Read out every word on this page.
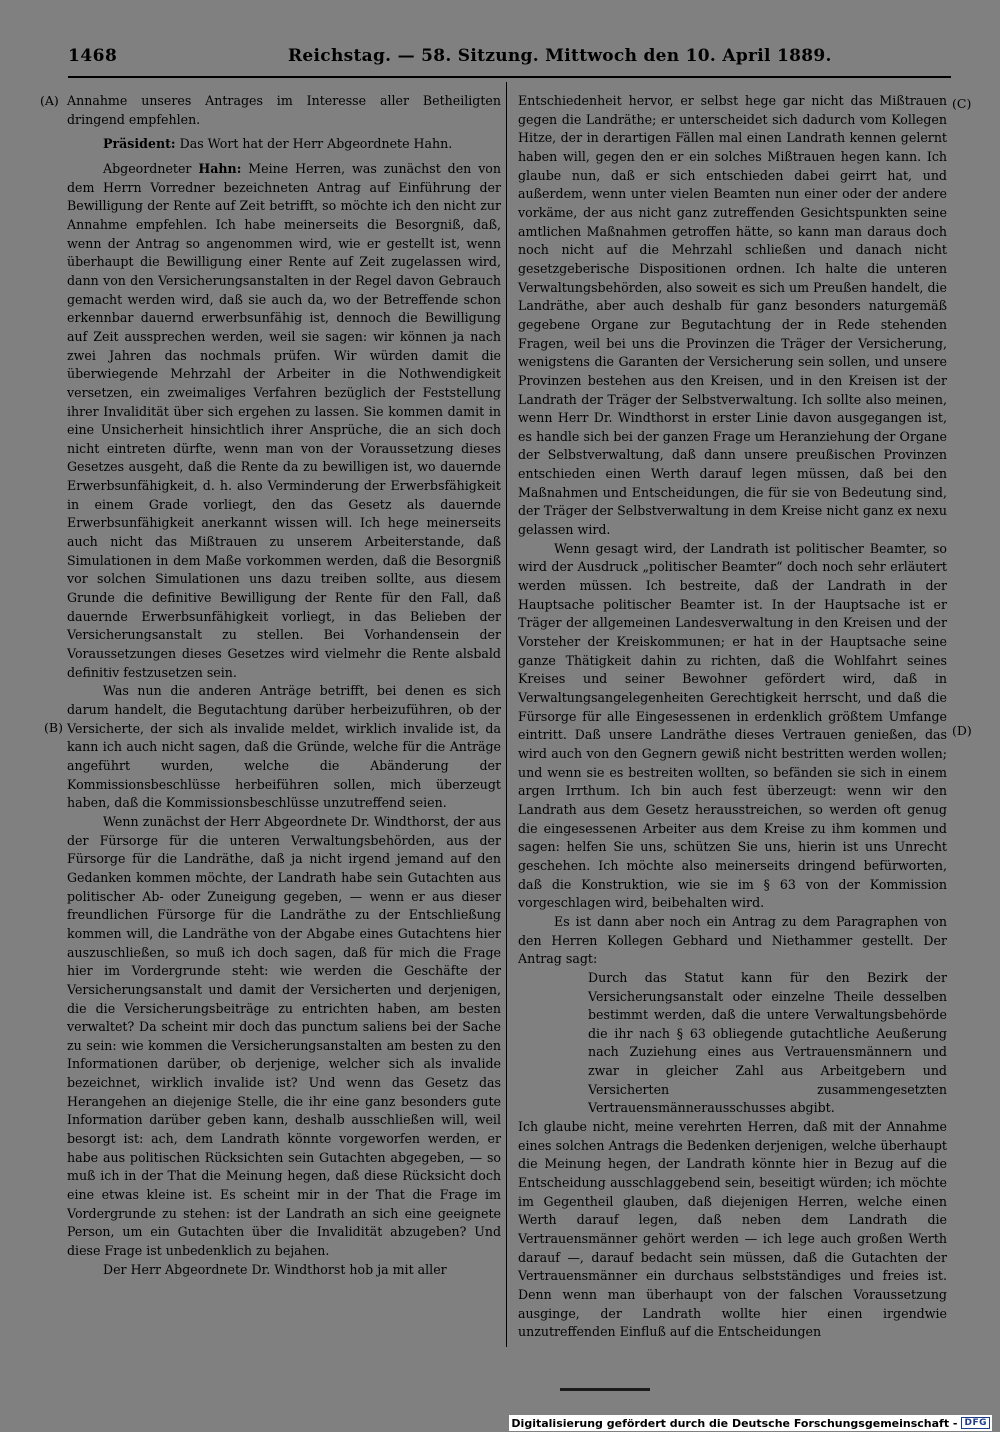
1468	Reichstag. — 58. Sitzung. Mittwoch den 10. April 1889.
(A)
(B)
(C)
(D)

Annahme unseres Antrages im Interesse aller Betheiligten dringend empfehlen.

Präsident: Das Wort hat der Herr Abgeordnete Hahn.

Abgeordneter Hahn: Meine Herren, was zunächst den von dem Herrn Vorredner bezeichneten Antrag auf Einführung der Bewilligung der Rente auf Zeit betrifft, so möchte ich den nicht zur Annahme empfehlen. Ich habe meinerseits die Besorgniß, daß, wenn der Antrag so angenommen wird, wie er gestellt ist, wenn überhaupt die Bewilligung einer Rente auf Zeit zugelassen wird, dann von den Versicherungsanstalten in der Regel davon Gebrauch gemacht werden wird, daß sie auch da, wo der Betreffende schon erkennbar dauernd erwerbsunfähig ist, dennoch die Bewilligung auf Zeit aussprechen werden, weil sie sagen: wir können ja nach zwei Jahren das nochmals prüfen. Wir würden damit die überwiegende Mehrzahl der Arbeiter in die Nothwendigkeit versetzen, ein zweimaliges Verfahren bezüglich der Feststellung ihrer Invalidität über sich ergehen zu lassen. Sie kommen damit in eine Unsicherheit hinsichtlich ihrer Ansprüche, die an sich doch nicht eintreten dürfte, wenn man von der Voraussetzung dieses Gesetzes ausgeht, daß die Rente da zu bewilligen ist, wo dauernde Erwerbsunfähigkeit, d. h. also Verminderung der Erwerbsfähigkeit in einem Grade vorliegt, den das Gesetz als dauernde Erwerbsunfähigkeit anerkannt wissen will. Ich hege meinerseits auch nicht das Mißtrauen zu unserem Arbeiterstande, daß Simulationen in dem Maße vorkommen werden, daß die Besorgniß vor solchen Simulationen uns dazu treiben sollte, aus diesem Grunde die definitive Bewilligung der Rente für den Fall, daß dauernde Erwerbsunfähigkeit vorliegt, in das Belieben der Versicherungsanstalt zu stellen. Bei Vorhandensein der Voraussetzungen dieses Gesetzes wird vielmehr die Rente alsbald definitiv festzusetzen sein.

Was nun die anderen Anträge betrifft, bei denen es sich darum handelt, die Begutachtung darüber herbeizuführen, ob der Versicherte, der sich als invalide meldet, wirklich invalide ist, da kann ich auch nicht sagen, daß die Gründe, welche für die Anträge angeführt wurden, welche die Abänderung der Kommissionsbeschlüsse herbeiführen sollen, mich überzeugt haben, daß die Kommissionsbeschlüsse unzutreffend seien.

Wenn zunächst der Herr Abgeordnete Dr. Windthorst, der aus der Fürsorge für die unteren Verwaltungsbehörden, aus der Fürsorge für die Landräthe, daß ja nicht irgend jemand auf den Gedanken kommen möchte, der Landrath habe sein Gutachten aus politischer Ab- oder Zuneigung gegeben, — wenn er aus dieser freundlichen Fürsorge für die Landräthe zu der Entschließung kommen will, die Landräthe von der Abgabe eines Gutachtens hier auszuschließen, so muß ich doch sagen, daß für mich die Frage hier im Vordergrunde steht: wie werden die Geschäfte der Versicherungsanstalt und damit der Versicherten und derjenigen, die die Versicherungsbeiträge zu entrichten haben, am besten verwaltet? Da scheint mir doch das punctum saliens bei der Sache zu sein: wie kommen die Versicherungsanstalten am besten zu den Informationen darüber, ob derjenige, welcher sich als invalide bezeichnet, wirklich invalide ist? Und wenn das Gesetz das Herangehen an diejenige Stelle, die ihr eine ganz besonders gute Information darüber geben kann, deshalb ausschließen will, weil besorgt ist: ach, dem Landrath könnte vorgeworfen werden, er habe aus politischen Rücksichten sein Gutachten abgegeben, — so muß ich in der That die Meinung hegen, daß diese Rücksicht doch eine etwas kleine ist. Es scheint mir in der That die Frage im Vordergrunde zu stehen: ist der Landrath an sich eine geeignete Person, um ein Gutachten über die Invalidität abzugeben? Und diese Frage ist unbedenklich zu bejahen.

Der Herr Abgeordnete Dr. Windthorst hob ja mit aller

Entschiedenheit hervor, er selbst hege gar nicht das Mißtrauen gegen die Landräthe; er unterscheidet sich dadurch vom Kollegen Hitze, der in derartigen Fällen mal einen Landrath kennen gelernt haben will, gegen den er ein solches Mißtrauen hegen kann. Ich glaube nun, daß er sich entschieden dabei geirrt hat, und außerdem, wenn unter vielen Beamten nun einer oder der andere vorkäme, der aus nicht ganz zutreffenden Gesichtspunkten seine amtlichen Maßnahmen getroffen hätte, so kann man daraus doch noch nicht auf die Mehrzahl schließen und danach nicht gesetzgeberische Dispositionen ordnen. Ich halte die unteren Verwaltungsbehörden, also soweit es sich um Preußen handelt, die Landräthe, aber auch deshalb für ganz besonders naturgemäß gegebene Organe zur Begutachtung der in Rede stehenden Fragen, weil bei uns die Provinzen die Träger der Versicherung, wenigstens die Garanten der Versicherung sein sollen, und unsere Provinzen bestehen aus den Kreisen, und in den Kreisen ist der Landrath der Träger der Selbstverwaltung. Ich sollte also meinen, wenn Herr Dr. Windthorst in erster Linie davon ausgegangen ist, es handle sich bei der ganzen Frage um Heranziehung der Organe der Selbstverwaltung, daß dann unsere preußischen Provinzen entschieden einen Werth darauf legen müssen, daß bei den Maßnahmen und Entscheidungen, die für sie von Bedeutung sind, der Träger der Selbstverwaltung in dem Kreise nicht ganz ex nexu gelassen wird.

Wenn gesagt wird, der Landrath ist politischer Beamter, so wird der Ausdruck „politischer Beamter“ doch noch sehr erläutert werden müssen. Ich bestreite, daß der Landrath in der Hauptsache politischer Beamter ist. In der Hauptsache ist er Träger der allgemeinen Landesverwaltung in den Kreisen und der Vorsteher der Kreiskommunen; er hat in der Hauptsache seine ganze Thätigkeit dahin zu richten, daß die Wohlfahrt seines Kreises und seiner Bewohner gefördert wird, daß in Verwaltungsangelegenheiten Gerechtigkeit herrscht, und daß die Fürsorge für alle Eingesessenen in erdenklich größtem Umfange eintritt. Daß unsere Landräthe dieses Vertrauen genießen, das wird auch von den Gegnern gewiß nicht bestritten werden wollen; und wenn sie es bestreiten wollten, so befänden sie sich in einem argen Irrthum. Ich bin auch fest überzeugt: wenn wir den Landrath aus dem Gesetz herausstreichen, so werden oft genug die eingesessenen Arbeiter aus dem Kreise zu ihm kommen und sagen: helfen Sie uns, schützen Sie uns, hierin ist uns Unrecht geschehen. Ich möchte also meinerseits dringend befürworten, daß die Konstruktion, wie sie im § 63 von der Kommission vorgeschlagen wird, beibehalten wird.

Es ist dann aber noch ein Antrag zu dem Paragraphen von den Herren Kollegen Gebhard und Niethammer gestellt. Der Antrag sagt:

Durch das Statut kann für den Bezirk der Versicherungsanstalt oder einzelne Theile desselben bestimmt werden, daß die untere Verwaltungsbehörde die ihr nach § 63 obliegende gutachtliche Aeußerung nach Zuziehung eines aus Vertrauensmännern und zwar in gleicher Zahl aus Arbeitgebern und Versicherten zusammengesetzten Vertrauensmännerausschusses abgibt.

Ich glaube nicht, meine verehrten Herren, daß mit der Annahme eines solchen Antrags die Bedenken derjenigen, welche überhaupt die Meinung hegen, der Landrath könnte hier in Bezug auf die Entscheidung ausschlaggebend sein, beseitigt würden; ich möchte im Gegentheil glauben, daß diejenigen Herren, welche einen Werth darauf legen, daß neben dem Landrath die Vertrauensmänner gehört werden — ich lege auch großen Werth darauf —, darauf bedacht sein müssen, daß die Gutachten der Vertrauensmänner ein durchaus selbstständiges und freies ist. Denn wenn man überhaupt von der falschen Voraussetzung ausginge, der Landrath wollte hier einen irgendwie unzutreffenden Einfluß auf die Entscheidungen

Digitalisierung gefördert durch die Deutsche Forschungsgemeinschaft - DFG
